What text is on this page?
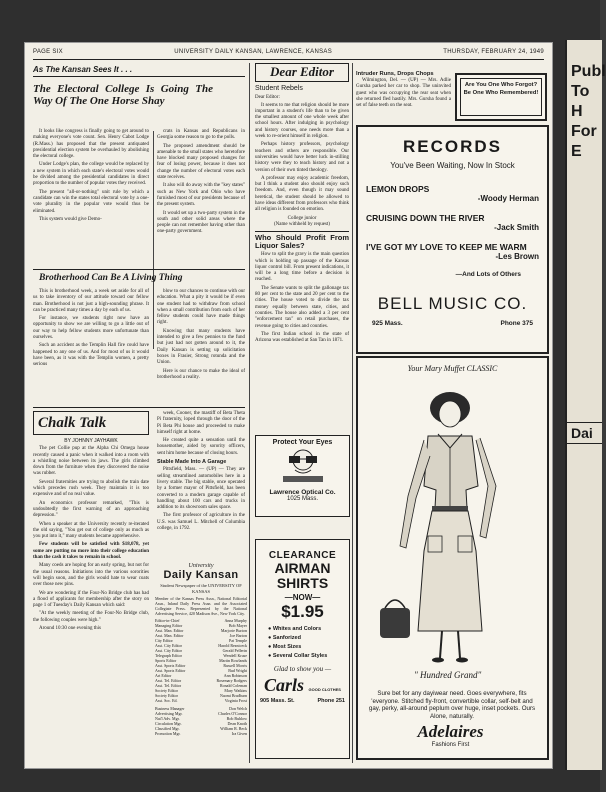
Publ
To H
For E
Dai
PAGE SIX	UNIVERSITY DAILY KANSAN, LAWRENCE, KANSAS	THURSDAY, FEBRUARY 24, 1949
As The Kansan Sees It . . .
The Electoral College Is Going The Way Of The One Horse Shay

It looks like congress is finally going to get around to making everyone's vote count. Sen. Henry Cabot Lodge (R.Mass.) has proposed that the present antiquated presidential election system be overhauled by abolishing the electoral college.

Under Lodge's plan, the college would be replaced by a new system in which each state's electoral votes would be divided among the presidential candidates in direct proportion to the number of popular votes they received.

The present "all-or-nothing" unit rule by which a candidate can win the states total electoral vote by a one-vote plurality in the popular vote would thus be eliminated.

This system would give Demo-

crats in Kansas and Republicans in Georgia some reason to go to the polls.

The proposed amendment should be amenable to the small states who heretofore have blocked many proposed changes for fear of losing power, because it does not change the number of electoral votes each state receives.

It also will do away with the "key states" such as New York and Ohio who have furnished most of our presidents because of the present system.

It would set up a two-party system in the south and other solid areas where the people can not remember having other than one-party government.

Brotherhood Can Be A Living Thing

This is brotherhood week, a week set aside for all of us to take inventory of our attitude toward our fellow man. Brotherhood is not just a high-sounding phrase. It can be practiced many times a day by each of us.

For instance, we students right now have an opportunity to show we are willing to go a little out of our way to help fellow students more unfortunate than ourselves.

Such an accident as the Templin Hall fire could have happened to any one of us. And for most of us it would have been, as it was with the Templin women, a pretty serious

blow to our chances to continue with our education. What a pity it would be if even one student had to withdraw from school when a small contribution from each of her fellow students could have made things right.

Knowing that many students have intended to give a few pennies to the fund but just had not gotten around to it, the Daily Kansan is setting up solicitation boxes in Frasier, Strong rotunda and the Union.

Here is our chance to make the ideal of brotherhood a reality.

Chalk Talk
BY JOHNNY JAYHAWK

The pet Collie pup at the Alpha Chi Omega house recently caused a panic when it walked into a room with a whistling noise between its jaws. The girls climbed down from the furniture when they discovered the noise was rubber.

Several fraternities are trying to abolish the train date which precedes rush week. They maintain it is too expensive and of no real value.

An economics professor remarked, "This is undoubtedly the first warning of an approaching depression."

When a speaker at the University recently re-iterated the old saying, "You get out of college only as much as you put into it," many students became apprehensive.

Few students will be satisfied with $18,078, yet some are putting no more into their college education than the cash it takes to remain in school.

Many coeds are hoping for an early spring, but not for the usual reasons. Initiations into the various sororities will begin soon, and the girls would hate to wear coats over those new pins.

We are wondering if the Four-No Bridge club has had a flood of applicants for membership after the story on page 1 of Tuesday's Daily Kansan which said:

"At the weekly meeting of the Four-No Bridge club, the following couples were high."

Around 10:30 one evening this

week, Cooner, the mastiff of Beta Theta Pi fraternity, loped through the door of the Pi Beta Phi house and proceeded to make himself right at home.

He created quite a sensation until the housemother, aided by sorority officers, sent him home because of closing hours.

Stable Made Into A Garage

Pittsfield, Mass. — (UP) — They are selling streamlined automobiles here in a livery stable. The big stable, once operated by a former mayor of Pittsfield, has been converted to a modern garage capable of handling about 100 cars and trucks in addition to its showroom sales space.

The first professor of agriculture in the U.S. was Samuel L. Mitchell of Columbia college, in 1792.

University
Daily Kansan
Student Newspaper of the UNIVERSITY OF KANSAS
Member of the Kansas Press Assn., National Editorial Assn., Inland Daily Press Assn. and the Associated Collegiate Press. Represented by the National Advertising Service, 420 Madison Ave., New York City.
Editor-in-Chief	Anna Murphy
Managing Editor	Bob Mayer
Asst. Man. Editor	Marjorie Burton
Asst. Man. Editor	Joe Barton
City Editor	Pat Temple
Asst. City Editor	Harold Rezniceck
Asst. City Editor	Gerald Pellerin
Telegraph Editor	Wendell Kruse
Sports Editor	Martin Rowlands
Asst. Sports Editor	Russell Morris
Asst. Sports Editor	Bud Wright
Art Editor	Ann Robinson
Asst. Tel. Editor	Rosemary Rodgers
Asst. Tel. Editor	Ronald Coleman
Society Editor	Mary Watkins
Society Editor	Naomi Bradburn
Asst. Soc. Ed.	Virginia Frost
Business Manager	Don Welch
Advertising Mgr.	Charles O'Connor
Nat'l Adv. Mgr.	Bob Buhlow
Circulation Mgr.	Dean Knoth
Classified Mgr.	William R. Beck
Promotion Mgr.	Ira Given
Dear Editor
Student Rebels
Dear Editor:

It seems to me that religion should be more important in a student's life than to be given the smallest amount of one whole week after school hours. After indulging in psychology and history courses, one needs more than a week to re-orient himself in religion.

Perhaps history professors, psychology teachers and others are responsible. Our universities would have better luck in-stilling history were they to teach history and not a version of their own tinted theology.

A professor may enjoy academic freedom, but I think a student also should enjoy such freedom. And, even though it may sound heretical, the student should be allowed to have ideas different from professors who think all religion is founded on emotion.

College junior
(Name withheld by request)
Who Should Profit From Liquor Sales?

How to split the gravy is the main question which is holding up passage of the Kansas liquor control bill. From present indications, it will be a long time before a decision is reached.

The Senate wants to split the gallonage tax 80 per cent to the state and 20 per cent to the cities. The house voted to divide the tax money equally between state, cities, and counties. The house also added a 3 per cent "enforcement tax" on retail purchases, the revenue going to cities and counties.

The first Indian school in the state of Arizona was established at San Tan in 1871.

Protect Your Eyes
Lawrence Optical Co.
1025 Mass.
CLEARANCE
AIRMAN
SHIRTS
—NOW—
$1.95
● Whites and Colors
● Sanforized
● Most Sizes
● Several Collar Styles
Glad to show you —
Carls GOOD CLOTHES
905 Mass. St.	Phone 251
Intruder Runs, Drops Chops

Wilmington, Del. — (UP) — Mrs. Adlie Gursha parked her car to shop. The uninvited guest who was occupying the rear seat when she returned fled hastily. Mrs. Gursha found a set of false teeth on the seat.

Are You One Who Forgot?
Be One Who Remembered!
RECORDS
You've Been Waiting, Now In Stock
LEMON DROPS
-Woody Herman
CRUISING DOWN THE RIVER
-Jack Smith
I'VE GOT MY LOVE TO KEEP ME WARM
-Les Brown
—And Lots of Others
BELL MUSIC CO.
925 Mass.	Phone 375
Your Mary Muffet CLASSIC
" Hundred Grand"
Sure bet for any dayiwear need. Goes everywhere, fits 'everyone. Stitched fly-front, convertible collar, self-belt and gay, perky, all-around peplum over huge, inset pockets. Ours Alone, naturally.
Adelaires
Fashions First
